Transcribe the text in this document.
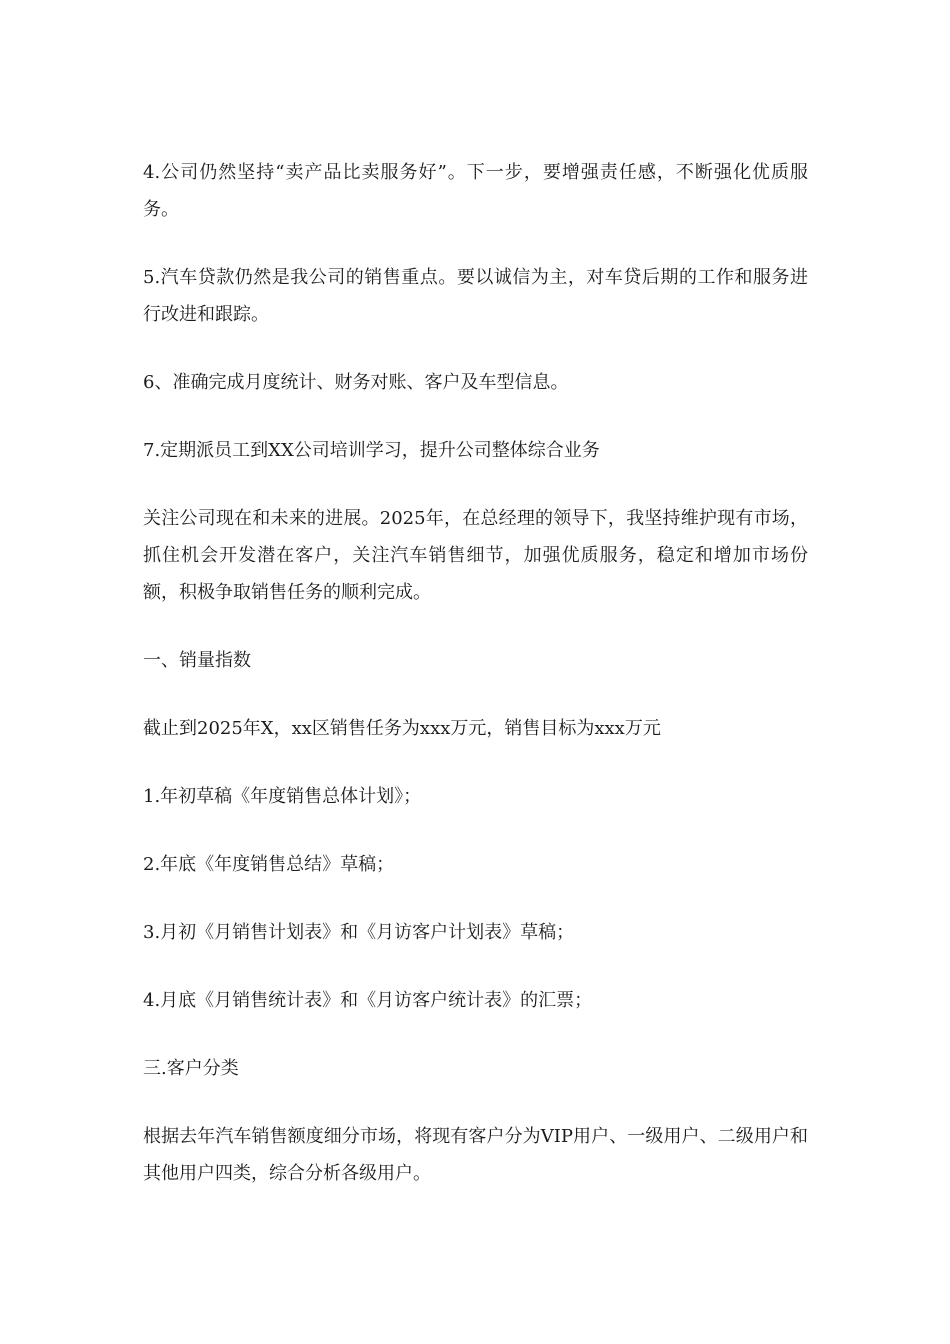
4.公司仍然坚持“卖产品比卖服务好”。下一步，要增强责任感，不断强化优质服务。

5.汽车贷款仍然是我公司的销售重点。要以诚信为主，对车贷后期的工作和服务进行改进和跟踪。

6、准确完成月度统计、财务对账、客户及车型信息。

7.定期派员工到XX公司培训学习，提升公司整体综合业务

关注公司现在和未来的进展。2025年，在总经理的领导下，我坚持维护现有市场，抓住机会开发潜在客户，关注汽车销售细节，加强优质服务，稳定和增加市场份额，积极争取销售任务的顺利完成。

一、销量指数

截止到2025年X，xx区销售任务为xxx万元，销售目标为xxx万元

1.年初草稿《年度销售总体计划》；

2.年底《年度销售总结》草稿；

3.月初《月销售计划表》和《月访客户计划表》草稿；

4.月底《月销售统计表》和《月访客户统计表》的汇票；

三.客户分类

根据去年汽车销售额度细分市场，将现有客户分为VIP用户、一级用户、二级用户和其他用户四类，综合分析各级用户。
